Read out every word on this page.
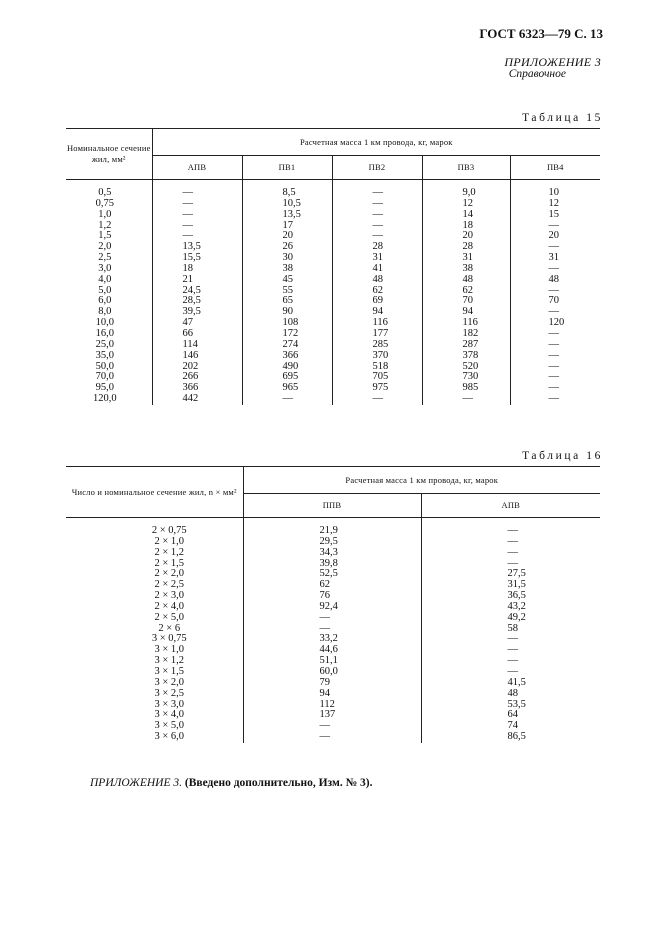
ГОСТ 6323—79 С. 13
ПРИЛОЖЕНИЕ 3
Справочное
Таблица 15
Номинальное сечение жил, мм²	Расчетная масса 1 км провода, кг, марок				
	АПВ	ПВ1	ПВ2	ПВ3	ПВ4
0,5	—	8,5	—	9,0	10
0,75	—	10,5	—	12	12
1,0	—	13,5	—	14	15
1,2	—	17	—	18	—
1,5	—	20	—	20	20
2,0	13,5	26	28	28	—
2,5	15,5	30	31	31	31
3,0	18	38	41	38	—
4,0	21	45	48	48	48
5,0	24,5	55	62	62	—
6,0	28,5	65	69	70	70
8,0	39,5	90	94	94	—
10,0	47	108	116	116	120
16,0	66	172	177	182	—
25,0	114	274	285	287	—
35,0	146	366	370	378	—
50,0	202	490	518	520	—
70,0	266	695	705	730	—
95,0	366	965	975	985	—
120,0	442	—	—	—	—
Таблица 16
Число и номинальное сечение жил, n × мм²	Расчетная масса 1 км провода, кг, марок	
	ППВ	АПВ
2 × 0,75	21,9	—
2 × 1,0	29,5	—
2 × 1,2	34,3	—
2 × 1,5	39,8	—
2 × 2,0	52,5	27,5
2 × 2,5	62	31,5
2 × 3,0	76	36,5
2 × 4,0	92,4	43,2
2 × 5,0	—	49,2
2 × 6	—	58
3 × 0,75	33,2	—
3 × 1,0	44,6	—
3 × 1,2	51,1	—
3 × 1,5	60,0	—
3 × 2,0	79	41,5
3 × 2,5	94	48
3 × 3,0	112	53,5
3 × 4,0	137	64
3 × 5,0	—	74
3 × 6,0	—	86,5
ПРИЛОЖЕНИЕ 3. (Введено дополнительно, Изм. № 3).
